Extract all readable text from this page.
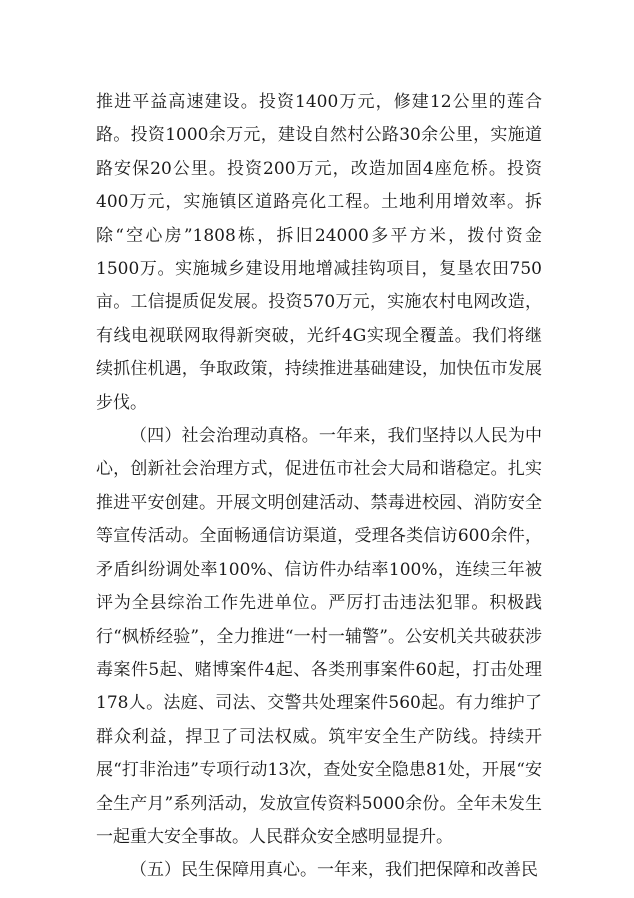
推进平益高速建设。投资1400万元，修建12公里的莲合路。投资1000余万元，建设自然村公路30余公里，实施道路安保20公里。投资200万元，改造加固4座危桥。投资400万元，实施镇区道路亮化工程。土地利用增效率。拆除“空心房”1808栋，拆旧24000多平方米，拨付资金1500万。实施城乡建设用地增减挂钩项目，复垦农田750亩。工信提质促发展。投资570万元，实施农村电网改造，有线电视联网取得新突破，光纤4G实现全覆盖。我们将继续抓住机遇，争取政策，持续推进基础建设，加快伍市发展步伐。

（四）社会治理动真格。一年来，我们坚持以人民为中心，创新社会治理方式，促进伍市社会大局和谐稳定。扎实推进平安创建。开展文明创建活动、禁毒进校园、消防安全等宣传活动。全面畅通信访渠道，受理各类信访600余件，矛盾纠纷调处率100%、信访件办结率100%，连续三年被评为全县综治工作先进单位。严厉打击违法犯罪。积极践行“枫桥经验”，全力推进“一村一辅警”。公安机关共破获涉毒案件5起、赌博案件4起、各类刑事案件60起，打击处理178人。法庭、司法、交警共处理案件560起。有力维护了群众利益，捍卫了司法权威。筑牢安全生产防线。持续开展“打非治违”专项行动13次，查处安全隐患81处，开展“安全生产月”系列活动，发放宣传资料5000余份。全年未发生一起重大安全事故。人民群众安全感明显提升。

（五）民生保障用真心。一年来，我们把保障和改善民
